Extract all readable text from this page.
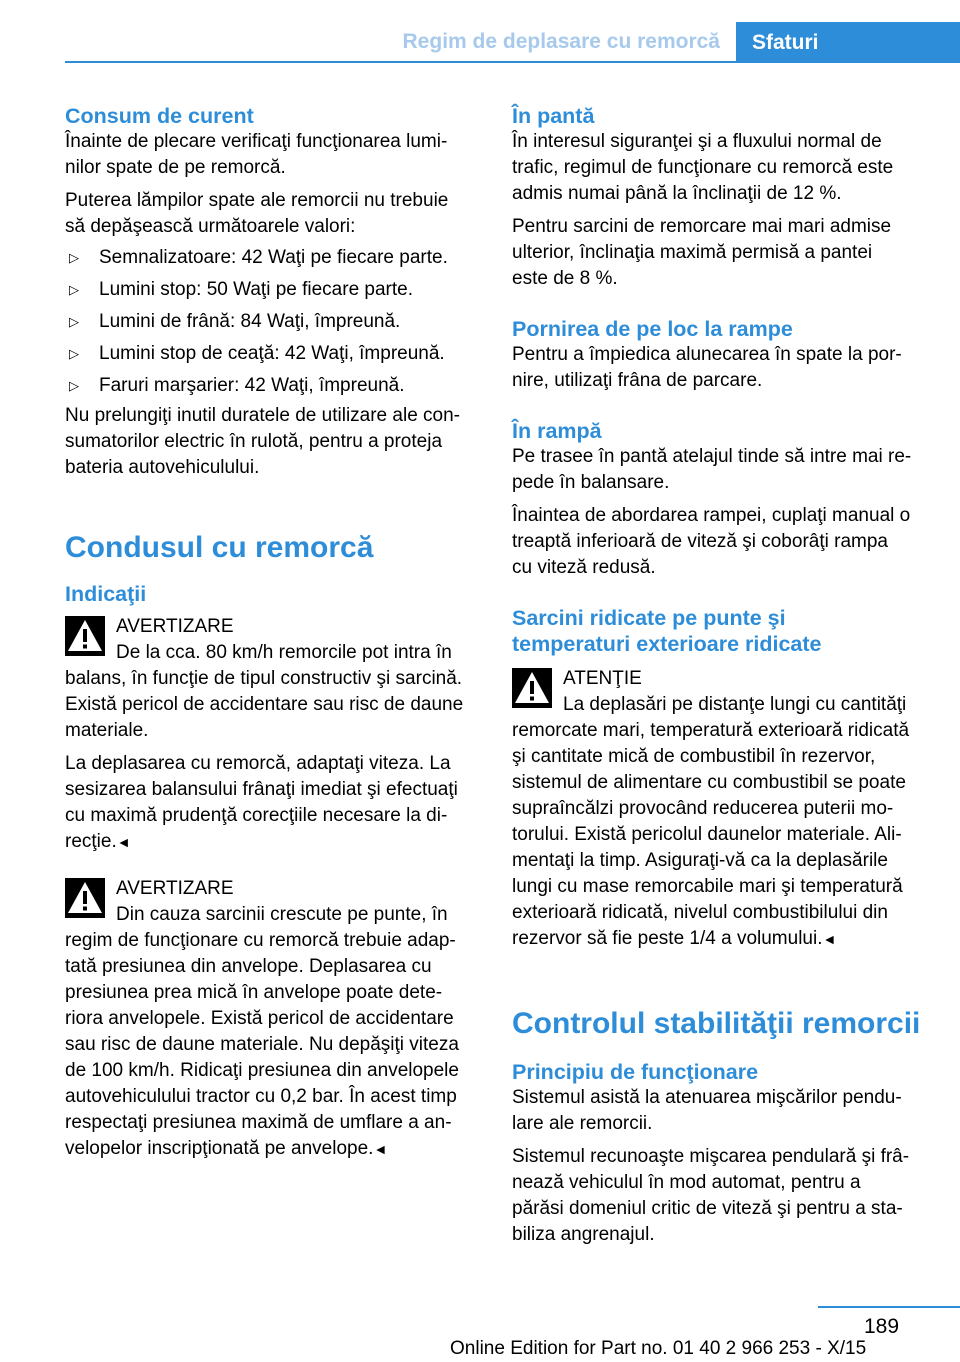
Regim de deplasare cu remorcă Sfaturi
Consum de curent

Înainte de plecare verificaţi funcţionarea lumi-
nilor spate de pe remorcă.

Puterea lămpilor spate ale remorcii nu trebuie
să depăşească următoarele valori:

▷ Semnalizatoare: 42 Waţi pe fiecare parte.
▷ Lumini stop: 50 Waţi pe fiecare parte.
▷ Lumini de frână: 84 Waţi, împreună.
▷ Lumini stop de ceaţă: 42 Waţi, împreună.
▷ Faruri marşarier: 42 Waţi, împreună.

Nu prelungiţi inutil duratele de utilizare ale con-
sumatorilor electric în rulotă, pentru a proteja
bateria autovehiculului.

Condusul cu remorcă
Indicaţii
AVERTIZARE

De la cca. 80 km/h remorcile pot intra în

balans, în funcţie de tipul constructiv şi sarcină.
Există pericol de accidentare sau risc de daune
materiale.

La deplasarea cu remorcă, adaptaţi viteza. La
sesizarea balansului frânaţi imediat şi efectuaţi
cu maximă prudenţă corecţiile necesare la di-
recţie.◄

AVERTIZARE

Din cauza sarcinii crescute pe punte, în

regim de funcţionare cu remorcă trebuie adap-
tată presiunea din anvelope. Deplasarea cu
presiunea prea mică în anvelope poate dete-
riora anvelopele. Există pericol de accidentare
sau risc de daune materiale. Nu depăşiţi viteza
de 100 km/h. Ridicaţi presiunea din anvelopele
autovehiculului tractor cu 0,2 bar. În acest timp
respectaţi presiunea maximă de umflare a an-
velopelor inscripţionată pe anvelope.◄

În pantă

În interesul siguranţei şi a fluxului normal de
trafic, regimul de funcţionare cu remorcă este
admis numai până la înclinaţii de 12 %.

Pentru sarcini de remorcare mai mari admise
ulterior, înclinaţia maximă permisă a pantei
este de 8 %.

Pornirea de pe loc la rampe

Pentru a împiedica alunecarea în spate la por-
nire, utilizaţi frâna de parcare.

În rampă

Pe trasee în pantă atelajul tinde să intre mai re-
pede în balansare.

Înaintea de abordarea rampei, cuplaţi manual o
treaptă inferioară de viteză şi coborâţi rampa
cu viteză redusă.

Sarcini ridicate pe punte şi
temperaturi exterioare ridicate
ATENŢIE

La deplasări pe distanţe lungi cu cantităţi

remorcate mari, temperatură exterioară ridicată
şi cantitate mică de combustibil în rezervor,
sistemul de alimentare cu combustibil se poate
supraîncălzi provocând reducerea puterii mo-
torului. Există pericolul daunelor materiale. Ali-
mentaţi la timp. Asiguraţi-vă ca la deplasările
lungi cu mase remorcabile mari şi temperatură
exterioară ridicată, nivelul combustibilului din
rezervor să fie peste 1/4 a volumului.◄

Controlul stabilităţii remorcii
Principiu de funcţionare

Sistemul asistă la atenuarea mişcărilor pendu-
lare ale remorcii.

Sistemul recunoaşte mişcarea pendulară şi frâ-
nează vehiculul în mod automat, pentru a
părăsi domeniul critic de viteză şi pentru a sta-
biliza angrenajul.

189
Online Edition for Part no. 01 40 2 966 253 - X/15
